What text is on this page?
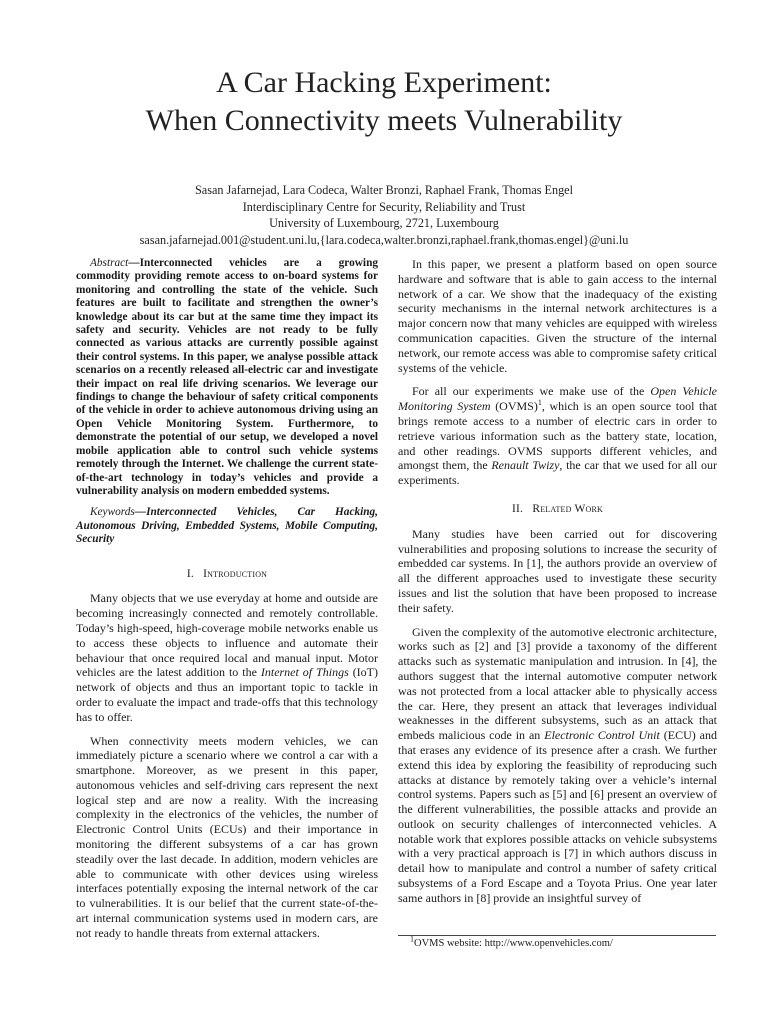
A Car Hacking Experiment:
When Connectivity meets Vulnerability
Sasan Jafarnejad, Lara Codeca, Walter Bronzi, Raphael Frank, Thomas Engel
Interdisciplinary Centre for Security, Reliability and Trust
University of Luxembourg, 2721, Luxembourg
sasan.jafarnejad.001@student.uni.lu,{lara.codeca,walter.bronzi,raphael.frank,thomas.engel}@uni.lu

Abstract—Interconnected vehicles are a growing commodity providing remote access to on-board systems for monitoring and controlling the state of the vehicle. Such features are built to facilitate and strengthen the owner’s knowledge about its car but at the same time they impact its safety and security. Vehicles are not ready to be fully connected as various attacks are currently possible against their control systems. In this paper, we analyse possible attack scenarios on a recently released all-electric car and investigate their impact on real life driving scenarios. We leverage our findings to change the behaviour of safety critical components of the vehicle in order to achieve autonomous driving using an Open Vehicle Monitoring System. Furthermore, to demonstrate the potential of our setup, we developed a novel mobile application able to control such vehicle systems remotely through the Internet. We challenge the current state-of-the-art technology in today’s vehicles and provide a vulnerability analysis on modern embedded systems.

Keywords—Interconnected Vehicles, Car Hacking, Autonomous Driving, Embedded Systems, Mobile Computing, Security

I. Introduction

Many objects that we use everyday at home and outside are becoming increasingly connected and remotely controllable. Today’s high-speed, high-coverage mobile networks enable us to access these objects to influence and automate their behaviour that once required local and manual input. Motor vehicles are the latest addition to the Internet of Things (IoT) network of objects and thus an important topic to tackle in order to evaluate the impact and trade-offs that this technology has to offer.

When connectivity meets modern vehicles, we can immediately picture a scenario where we control a car with a smartphone. Moreover, as we present in this paper, autonomous vehicles and self-driving cars represent the next logical step and are now a reality. With the increasing complexity in the electronics of the vehicles, the number of Electronic Control Units (ECUs) and their importance in monitoring the different subsystems of a car has grown steadily over the last decade. In addition, modern vehicles are able to communicate with other devices using wireless interfaces potentially exposing the internal network of the car to vulnerabilities. It is our belief that the current state-of-the-art internal communication systems used in modern cars, are not ready to handle threats from external attackers.

In this paper, we present a platform based on open source hardware and software that is able to gain access to the internal network of a car. We show that the inadequacy of the existing security mechanisms in the internal network architectures is a major concern now that many vehicles are equipped with wireless communication capacities. Given the structure of the internal network, our remote access was able to compromise safety critical systems of the vehicle.

For all our experiments we make use of the Open Vehicle Monitoring System (OVMS)$^1$, which is an open source tool that brings remote access to a number of electric cars in order to retrieve various information such as the battery state, location, and other readings. OVMS supports different vehicles, and amongst them, the Renault Twizy, the car that we used for all our experiments.

II. Related Work

Many studies have been carried out for discovering vulnerabilities and proposing solutions to increase the security of embedded car systems. In [1], the authors provide an overview of all the different approaches used to investigate these security issues and list the solution that have been proposed to increase their safety.

Given the complexity of the automotive electronic architecture, works such as [2] and [3] provide a taxonomy of the different attacks such as systematic manipulation and intrusion. In [4], the authors suggest that the internal automotive computer network was not protected from a local attacker able to physically access the car. Here, they present an attack that leverages individual weaknesses in the different subsystems, such as an attack that embeds malicious code in an Electronic Control Unit (ECU) and that erases any evidence of its presence after a crash. We further extend this idea by exploring the feasibility of reproducing such attacks at distance by remotely taking over a vehicle’s internal control systems. Papers such as [5] and [6] present an overview of the different vulnerabilities, the possible attacks and provide an outlook on security challenges of interconnected vehicles. A notable work that explores possible attacks on vehicle subsystems with a very practical approach is [7] in which authors discuss in detail how to manipulate and control a number of safety critical subsystems of a Ford Escape and a Toyota Prius. One year later same authors in [8] provide an insightful survey of

$^1$OVMS website: http://www.openvehicles.com/
